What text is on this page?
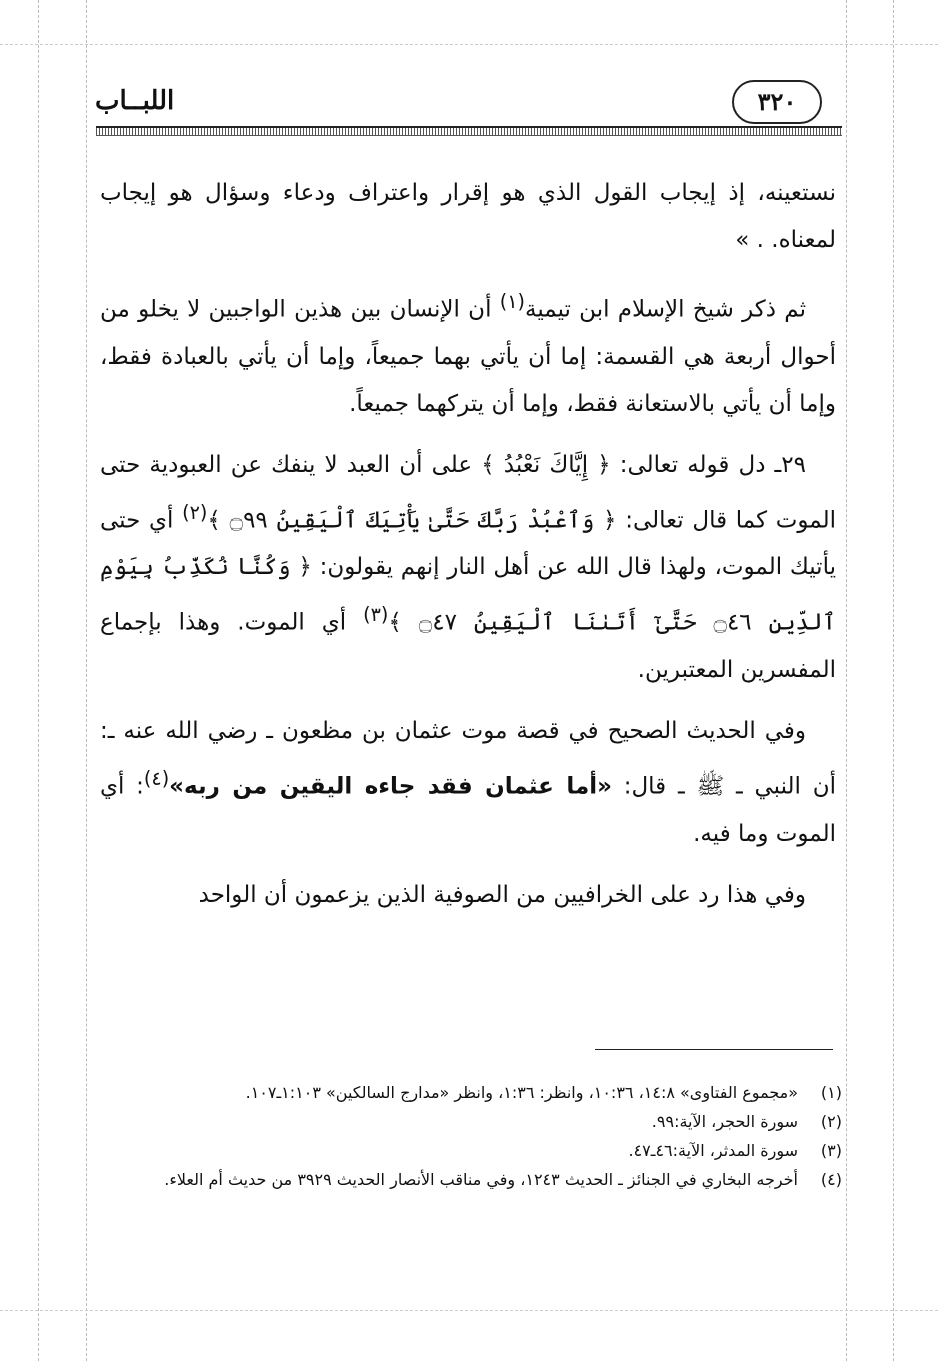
اللبــاب	٣٢٠

نستعينه، إذ إيجاب القول الذي هو إقرار واعتراف ودعاء وسؤال هو إيجاب لمعناه. . »

ثم ذكر شيخ الإسلام ابن تيمية$^{(١)}$ أن الإنسان بين هذين الواجبين لا يخلو من أحوال أربعة هي القسمة: إما أن يأتي بهما جميعاً، وإما أن يأتي بالعبادة فقط، وإما أن يأتي بالاستعانة فقط، وإما أن يتركهما جميعاً.

٢٩ـ دل قوله تعالى: ﴿ إِيَّاكَ نَعْبُدُ ﴾ على أن العبد لا ينفك عن العبودية حتى الموت كما قال تعالى: ﴿ وَٱعْبُدْ رَبَّكَ حَتَّىٰ يَأْتِيَكَ ٱلْيَقِينُ ۝٩٩ ﴾$^{(٢)}$ أي حتى يأتيك الموت، ولهذا قال الله عن أهل النار إنهم يقولون: ﴿ وَكُنَّا نُكَذِّبُ بِيَوْمِ ٱلدِّينِ ۝٤٦ حَتَّىٰٓ أَتَىٰنَا ٱلْيَقِينُ ۝٤٧ ﴾$^{(٣)}$ أي الموت. وهذا بإجماع المفسرين المعتبرين.

وفي الحديث الصحيح في قصة موت عثمان بن مظعون ـ رضي الله عنه ـ: أن النبي ـ ﷺ ـ قال: «أما عثمان فقد جاءه اليقين من ربه»$^{(٤)}$: أي الموت وما فيه.

وفي هذا رد على الخرافيين من الصوفية الذين يزعمون أن الواحد

(١)
«مجموع الفتاوى» ١٤:٨، ١٠:٣٦، وانظر: ١:٣٦، وانظر «مدارج السالكين» ١:١٠٣ـ١٠٧.
(٢)
سورة الحجر، الآية:٩٩.
(٣)
سورة المدثر، الآية:٤٦ـ٤٧.
(٤)
أخرجه البخاري في الجنائز ـ الحديث ١٢٤٣، وفي مناقب الأنصار الحديث ٣٩٢٩ من حديث أم العلاء.
